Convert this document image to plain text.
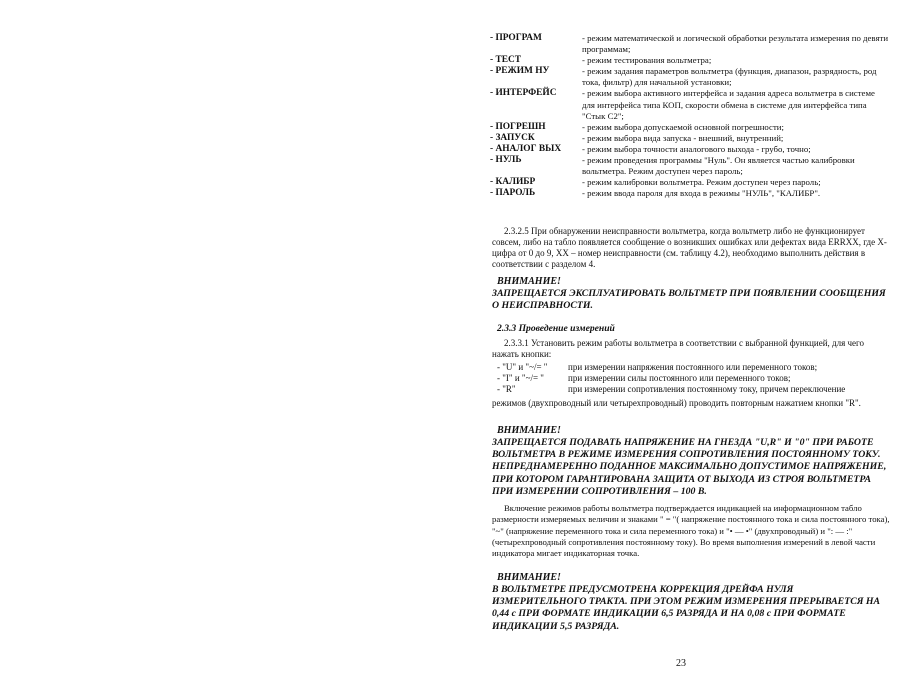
- ПРОГРАМ	- режим математической и логической обработки результата измерения по девяти программам;
- ТЕСТ	- режим тестирования вольтметра;
- РЕЖИМ НУ	- режим задания параметров вольтметра (функция, диапазон, разрядность, род тока, фильтр) для начальной установки;
- ИНТЕРФЕЙС	- режим выбора активного интерфейса и задания адреса вольтметра в системе для интерфейса типа КОП, скорости обмена в системе для интерфейса типа "Стык С2";
- ПОГРЕШН	- режим выбора допускаемой основной погрешности;
- ЗАПУСК	- режим выбора вида запуска - внешний, внутренний;
- АНАЛОГ ВЫХ	- режим выбора точности аналогового выхода - грубо, точно;
- НУЛЬ	- режим проведения программы "Нуль". Он является частью калибровки вольтметра. Режим доступен через пароль;
- КАЛИБР	- режим калибровки вольтметра. Режим доступен через пароль;
- ПАРОЛЬ	- режим ввода пароля для входа в режимы "НУЛЬ", "КАЛИБР".
2.3.2.5 При обнаружении неисправности вольтметра, когда вольтметр либо не функционирует совсем, либо на табло появляется сообщение о возникших ошибках или дефектах вида ERRXX, где X- цифра от 0 до 9, XX – номер неисправности (см. таблицу 4.2), необходимо выполнить действия в соответствии с разделом 4.
ВНИМАНИЕ!
ЗАПРЕЩАЕТСЯ ЭКСПЛУАТИРОВАТЬ ВОЛЬТМЕТР ПРИ ПОЯВЛЕНИИ СООБЩЕНИЯ О НЕИСПРАВНОСТИ.
2.3.3 Проведение измерений
2.3.3.1 Установить режим работы вольтметра в соответствии с выбранной функцией, для чего нажать кнопки:
- "U" и "~/= "	при измерении напряжения постоянного или переменного токов;
- "I" и "~/= "	при измерении силы постоянного или переменного токов;
- "R"	при измерении сопротивления постоянному току, причем переключение
режимов (двухпроводный или четырехпроводный) проводить повторным нажатием кнопки "R".
ВНИМАНИЕ!
ЗАПРЕЩАЕТСЯ ПОДАВАТЬ НАПРЯЖЕНИЕ НА ГНЕЗДА "U,R" И "0" ПРИ РАБОТЕ ВОЛЬТМЕТРА В РЕЖИМЕ ИЗМЕРЕНИЯ СОПРОТИВЛЕНИЯ ПОСТОЯННОМУ ТОКУ. НЕПРЕДНАМЕРЕННО ПОДАННОЕ МАКСИМАЛЬНО ДОПУСТИМОЕ НАПРЯЖЕНИЕ, ПРИ КОТОРОМ ГАРАНТИРОВАНА ЗАЩИТА ОТ ВЫХОДА ИЗ СТРОЯ ВОЛЬТМЕТРА ПРИ ИЗМЕРЕНИИ СОПРОТИВЛЕНИЯ – 100 В.
Включение режимов работы вольтметра подтверждается индикацией на информационном табло размерности измеряемых величин и знаками " = "( напряжение постоянного тока и сила постоянного тока), "~" (напряжение переменного тока и сила переменного тока) и "• — •" (двухпроводный) и ": — :"(четырехпроводный сопротивления постоянному току). Во время выполнения измерений в левой части индикатора мигает индикаторная точка.
ВНИМАНИЕ!
В ВОЛЬТМЕТРЕ ПРЕДУСМОТРЕНА КОРРЕКЦИЯ ДРЕЙФА НУЛЯ ИЗМЕРИТЕЛЬНОГО ТРАКТА. ПРИ ЭТОМ РЕЖИМ ИЗМЕРЕНИЯ ПРЕРЫВАЕТСЯ НА 0,44 с ПРИ ФОРМАТЕ ИНДИКАЦИИ 6,5 РАЗРЯДА И НА 0,08 с ПРИ ФОРМАТЕ ИНДИКАЦИИ 5,5 РАЗРЯДА.
23
